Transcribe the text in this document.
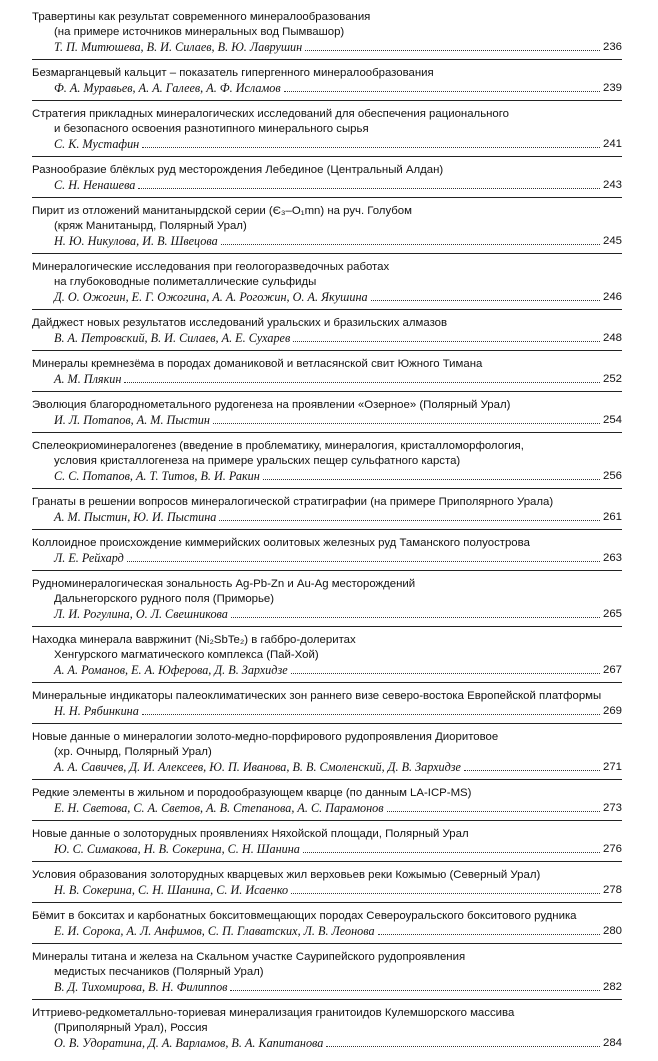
Травертины как результат современного минералообразования
(на примере источников минеральных вод Пымвашор)
Т. П. Митюшева, В. И. Силаев, В. Ю. Лаврушин	236
Безмарганцевый кальцит – показатель гипергенного минералообразования
Ф. А. Муравьев, А. А. Галеев, А. Ф. Исламов	239
Стратегия прикладных минералогических исследований для обеспечения рационального
и безопасного освоения разнотипного минерального сырья
С. К. Мустафин	241
Разнообразие блёклых руд месторождения Лебединое (Центральный Алдан)
С. Н. Ненашева	243
Пирит из отложений манитанырдской серии (Є₃–О₁mn) на руч. Голубом
(кряж Манитанырд, Полярный Урал)
Н. Ю. Никулова, И. В. Швецова	245
Минералогические исследования при геологоразведочных работах
на глубоководные полиметаллические сульфиды
Д. О. Ожогин, Е. Г. Ожогина, А. А. Рогожин, О. А. Якушина	246
Дайджест новых результатов исследований уральских и бразильских алмазов
В. А. Петровский, В. И. Силаев, А. Е. Сухарев	248
Минералы кремнезёма в породах доманиковой и ветласянской свит Южного Тимана
А. М. Плякин	252
Эволюция благороднометального рудогенеза на проявлении «Озерное» (Полярный Урал)
И. Л. Потапов, А. М. Пыстин	254
Спелеокриоминералогенез (введение в проблематику, минералогия, кристалломорфология,
условия кристаллогенеза на примере уральских пещер сульфатного карста)
С. С. Потапов, А. Т. Титов, В. И. Ракин	256
Гранаты в решении вопросов минералогической стратиграфии (на примере Приполярного Урала)
А. М. Пыстин, Ю. И. Пыстина	261
Коллоидное происхождение киммерийских оолитовых железных руд Таманского полуострова
Л. Е. Рейхард	263
Рудноминералогическая зональность Ag-Pb-Zn и Au-Ag месторождений
Дальнегорского рудного поля (Приморье)
Л. И. Рогулина, О. Л. Свешникова	265
Находка минерала вавржинит (Ni₂SbTe₂) в габбро-долеритах
Хенгурского магматического комплекса (Пай-Хой)
А. А. Романов, Е. А. Юферова, Д. В. Зархидзе	267
Минеральные индикаторы палеоклиматических зон раннего визе северо-востока Европейской платформы
Н. Н. Рябинкина	269
Новые данные о минералогии золото-медно-порфирового рудопроявления Диоритовое
(хр. Очнырд, Полярный Урал)
А. А. Савичев, Д. И. Алексеев, Ю. П. Иванова, В. В. Смоленский, Д. В. Зархидзе	271
Редкие элементы в жильном и породообразующем кварце (по данным LA-ICP-MS)
Е. Н. Светова, С. А. Светов, А. В. Степанова, А. С. Парамонов	273
Новые данные о золоторудных проявлениях Няхойской площади, Полярный Урал
Ю. С. Симакова, Н. В. Сокерина, С. Н. Шанина	276
Условия образования золоторудных кварцевых жил верховьев реки Кожымью (Северный Урал)
Н. В. Сокерина, С. Н. Шанина, С. И. Исаенко	278
Бёмит в бокситах и карбонатных бокситовмещающих породах Североуральского бокситового рудника
Е. И. Сорока, А. Л. Анфимов, С. П. Главатских, Л. В. Леонова	280
Минералы титана и железа на Скальном участке Саурипейского рудопроявления
медистых песчаников (Полярный Урал)
В. Д. Тихомирова, В. Н. Филиппов	282
Иттриево-редкометалльно-ториевая минерализация гранитоидов Кулемшорского массива
(Приполярный Урал), Россия
О. В. Удоратина, Д. А. Варламов, В. А. Капитанова	284
